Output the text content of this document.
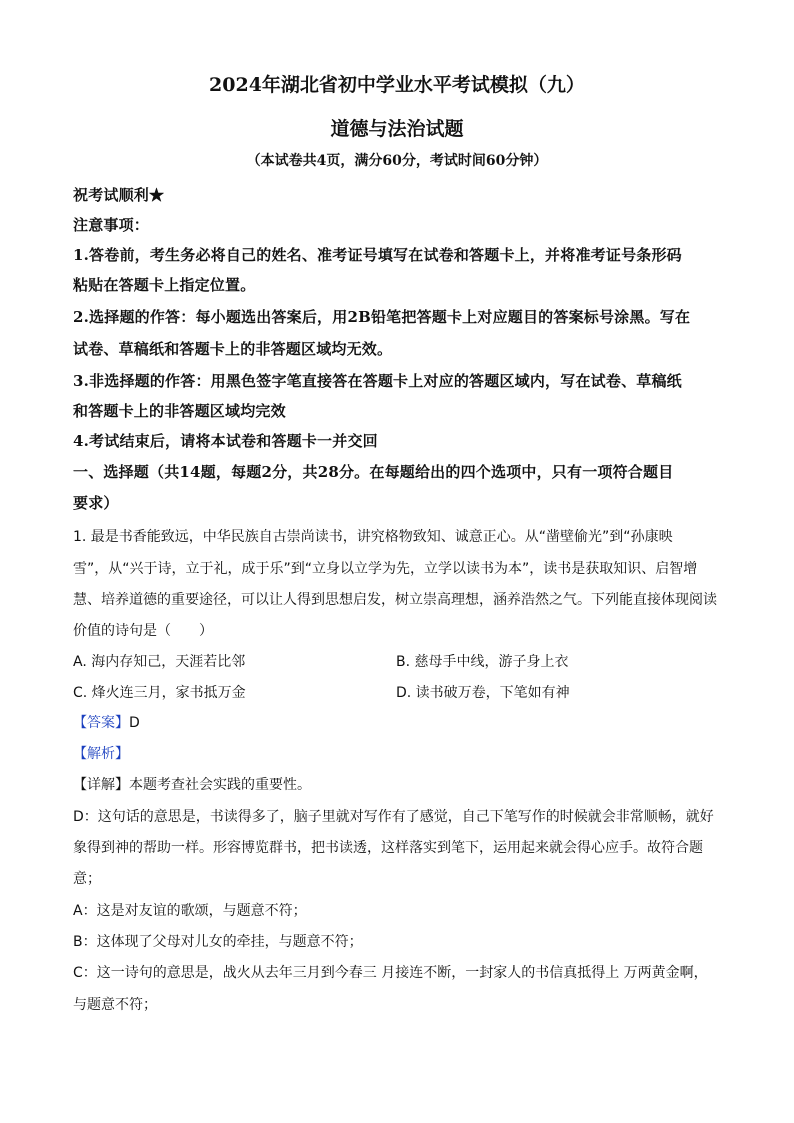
2024年湖北省初中学业水平考试模拟（九）
道德与法治试题
（本试卷共4页，满分60分，考试时间60分钟）
祝考试顺利★
注意事项：
1.答卷前，考生务必将自己的姓名、准考证号填写在试卷和答题卡上，并将准考证号条形码
粘贴在答题卡上指定位置。
2.选择题的作答：每小题选出答案后，用2B铅笔把答题卡上对应题目的答案标号涂黑。写在
试卷、草稿纸和答题卡上的非答题区域均无效。
3.非选择题的作答：用黑色签字笔直接答在答题卡上对应的答题区域内，写在试卷、草稿纸
和答题卡上的非答题区域均完效
4.考试结束后，请将本试卷和答题卡一并交回
一、选择题（共14题，每题2分，共28分。在每题给出的四个选项中，只有一项符合题目
要求）
1. 最是书香能致远，中华民族自古崇尚读书，讲究格物致知、诚意正心。从“凿壁偷光”到“孙康映
雪”，从“兴于诗，立于礼，成于乐”到“立身以立学为先，立学以读书为本”，读书是获取知识、启智增
慧、培养道德的重要途径，可以让人得到思想启发，树立崇高理想，涵养浩然之气。下列能直接体现阅读
价值的诗句是（　　）
A. 海内存知己，天涯若比邻	B. 慈母手中线，游子身上衣
C. 烽火连三月，家书抵万金	D. 读书破万卷，下笔如有神
【答案】D
【解析】
【详解】本题考查社会实践的重要性。
D：这句话的意思是，书读得多了，脑子里就对写作有了感觉，自己下笔写作的时候就会非常顺畅，就好
象得到神的帮助一样。形容博览群书，把书读透，这样落实到笔下，运用起来就会得心应手。故符合题
意；
A：这是对友谊的歌颂，与题意不符；
B：这体现了父母对儿女的牵挂，与题意不符；
C：这一诗句的意思是，战火从去年三月到今春三 月接连不断，一封家人的书信真抵得上 万两黄金啊，
与题意不符；
